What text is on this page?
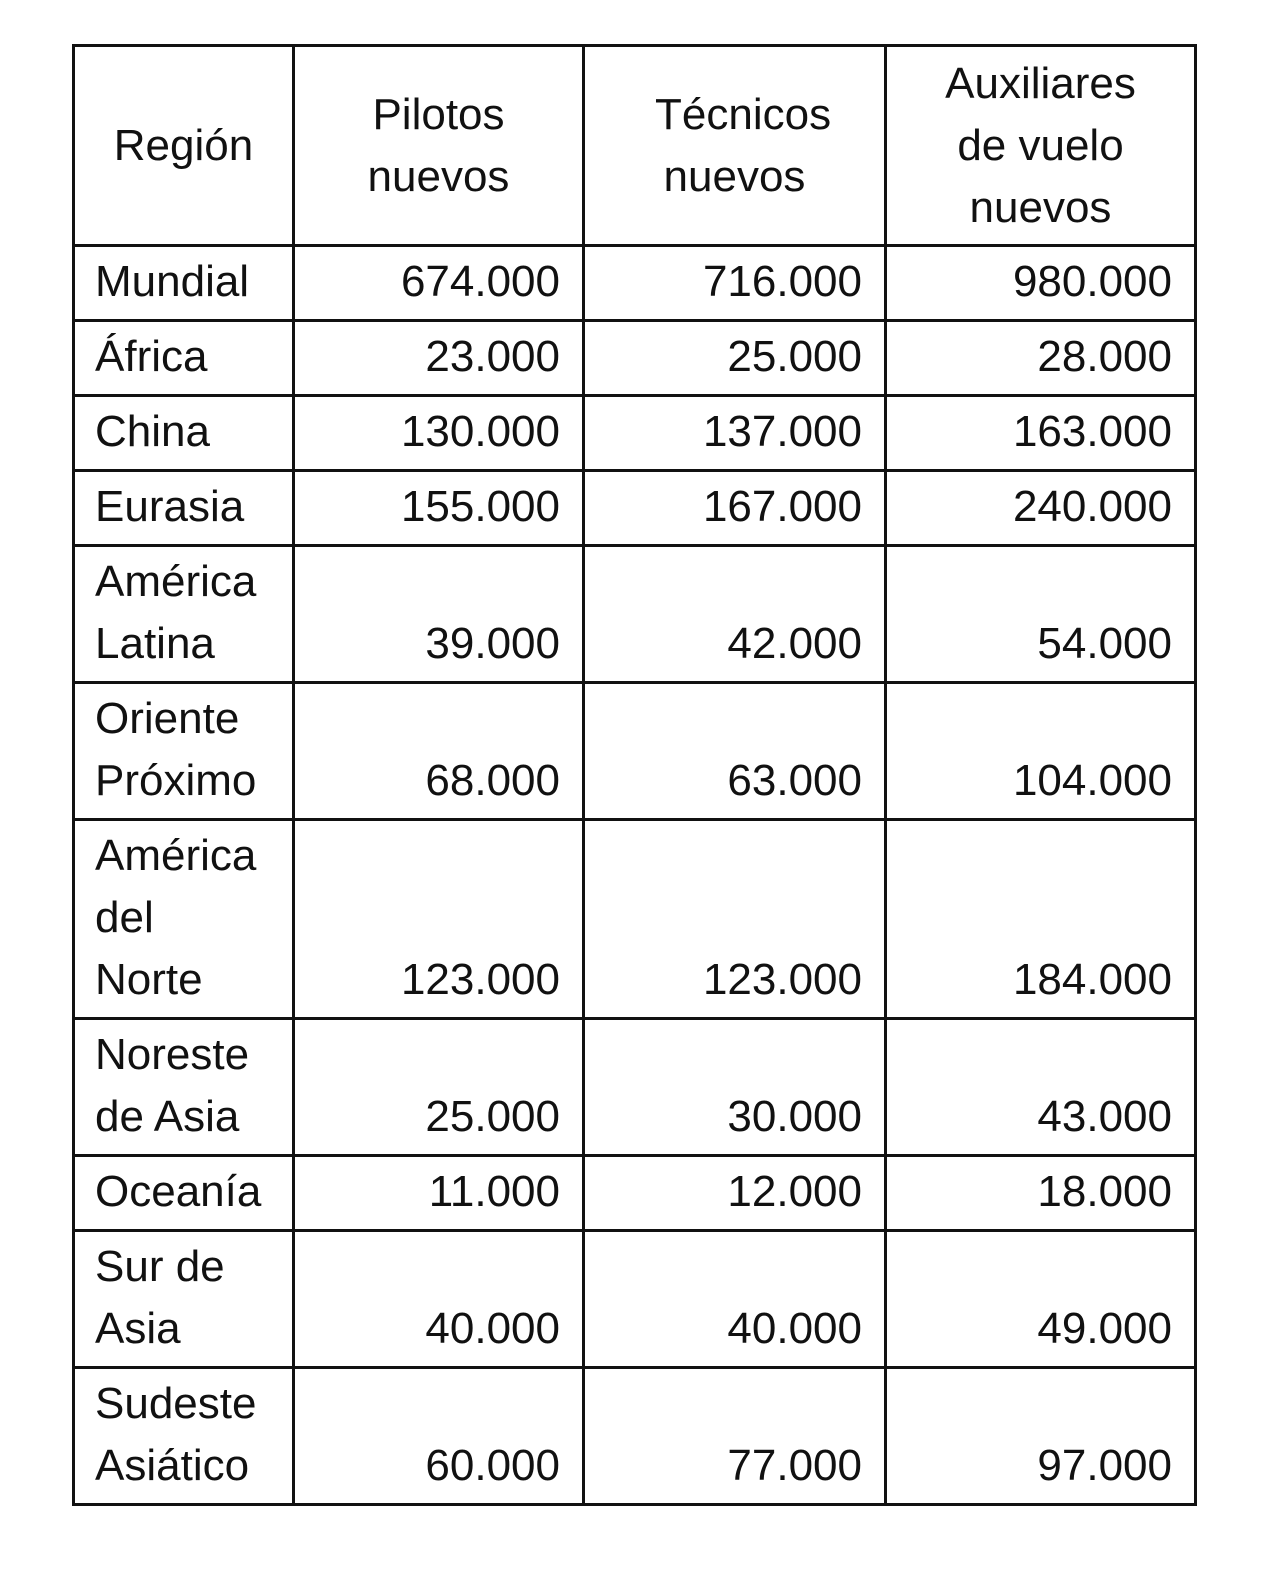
Región	Pilotos nuevos	Técnicos nuevos	Auxiliares de vuelo nuevos
Mundial	674.000	716.000	980.000
África	23.000	25.000	28.000
China	130.000	137.000	163.000
Eurasia	155.000	167.000	240.000
América Latina	39.000	42.000	54.000
Oriente Próximo	68.000	63.000	104.000
América del Norte	123.000	123.000	184.000
Noreste de Asia	25.000	30.000	43.000
Oceanía	11.000	12.000	18.000
Sur de Asia	40.000	40.000	49.000
Sudeste Asiático	60.000	77.000	97.000
